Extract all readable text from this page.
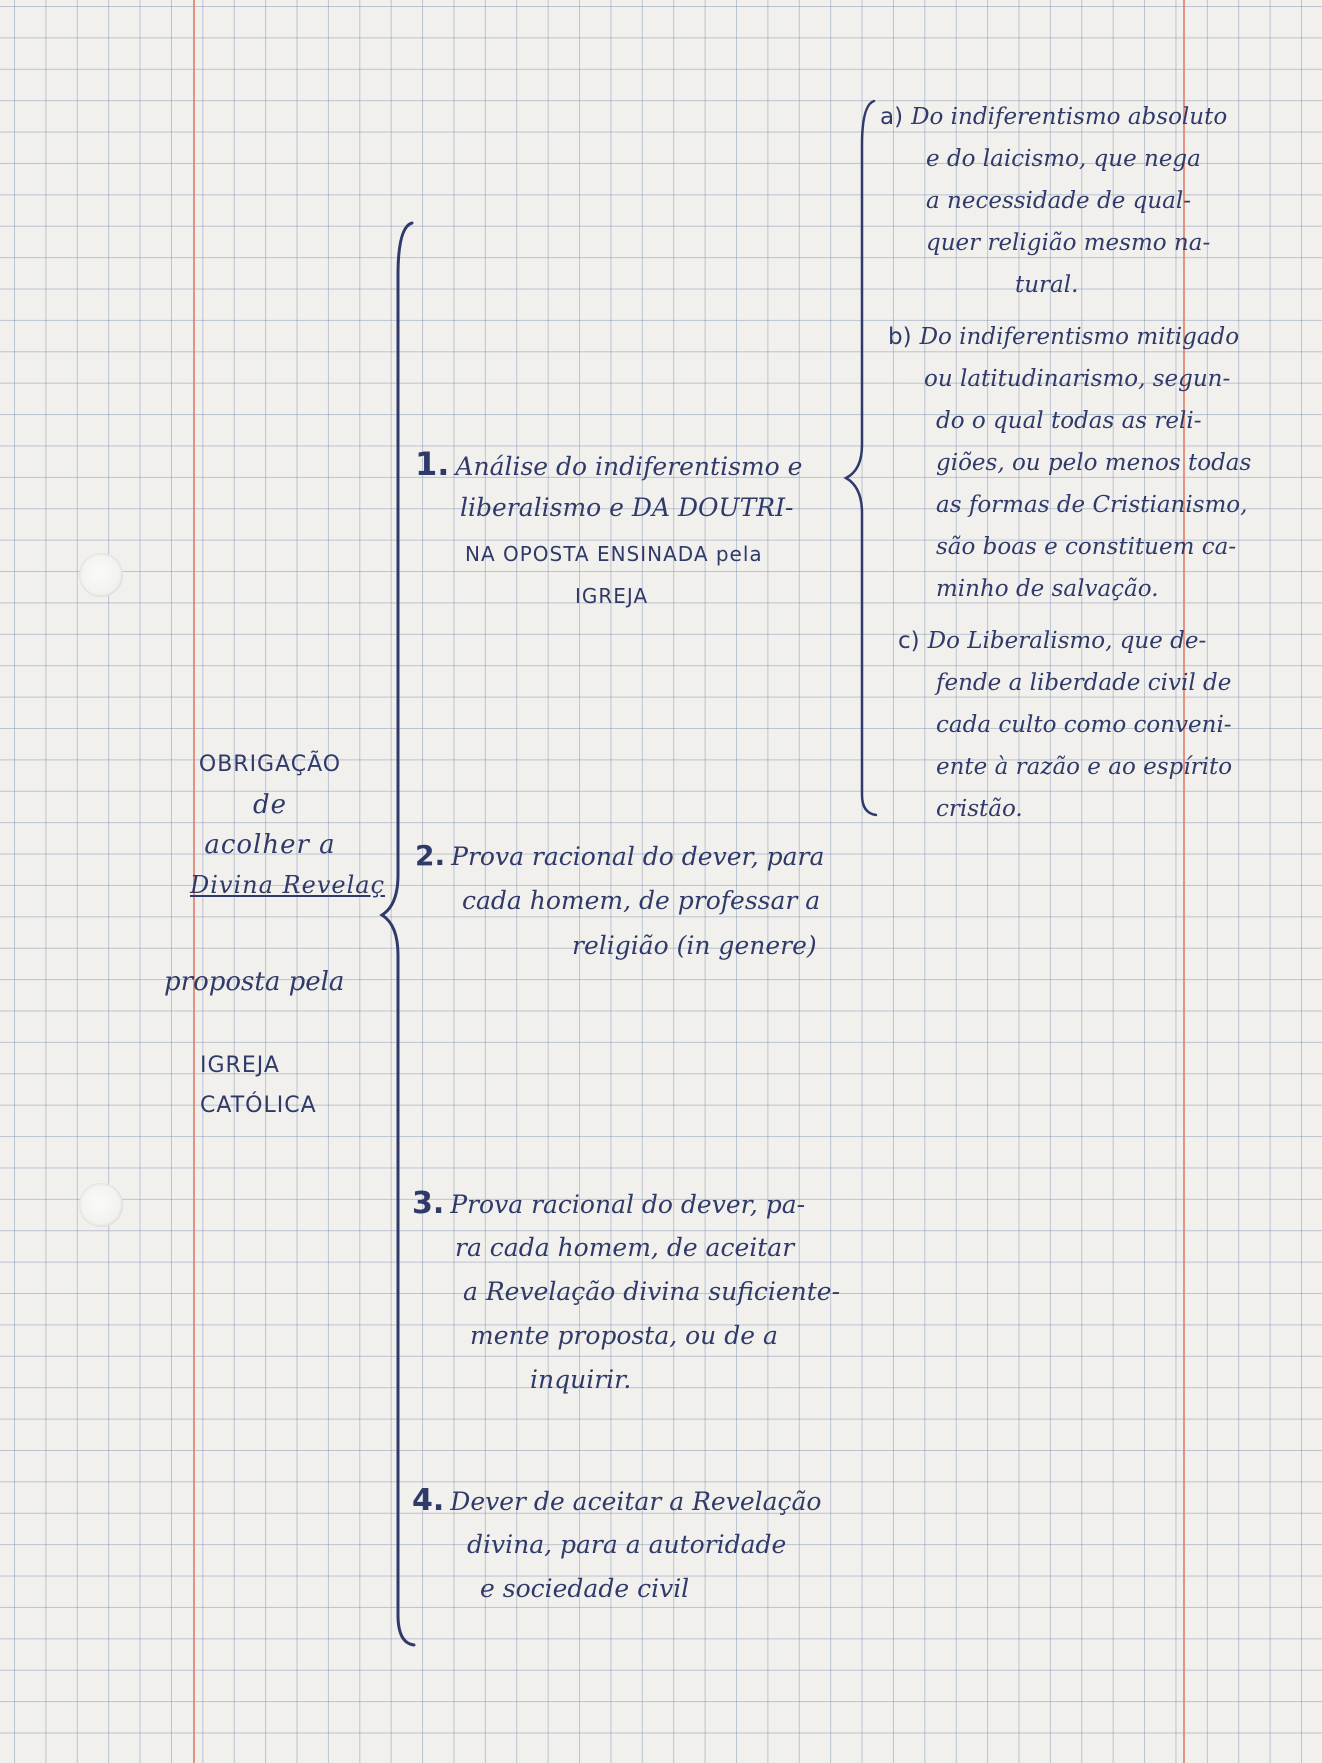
OBRIGAÇÃO
de
acolher a
Divina Revelaç
proposta pela
IGREJA
CATÓLICA
1. Análise do indiferentismo e
liberalismo e DA DOUTRI-
NA OPOSTA ENSINADA pela
IGREJA
2. Prova racional do dever, para
cada homem, de professar a
religião (in genere)
3. Prova racional do dever, pa-
ra cada homem, de aceitar
a Revelação divina suficiente-
mente proposta, ou de a
inquirir.
4. Dever de aceitar a Revelação
divina, para a autoridade
e sociedade civil
a) Do indiferentismo absoluto
e do laicismo, que nega
a necessidade de qual-
quer religião mesmo na-
tural.
b) Do indiferentismo mitigado
ou latitudinarismo, segun-
do o qual todas as reli-
giões, ou pelo menos todas
as formas de Cristianismo,
são boas e constituem ca-
minho de salvação.
c) Do Liberalismo, que de-
fende a liberdade civil de
cada culto como conveni-
ente à razão e ao espírito
cristão.
